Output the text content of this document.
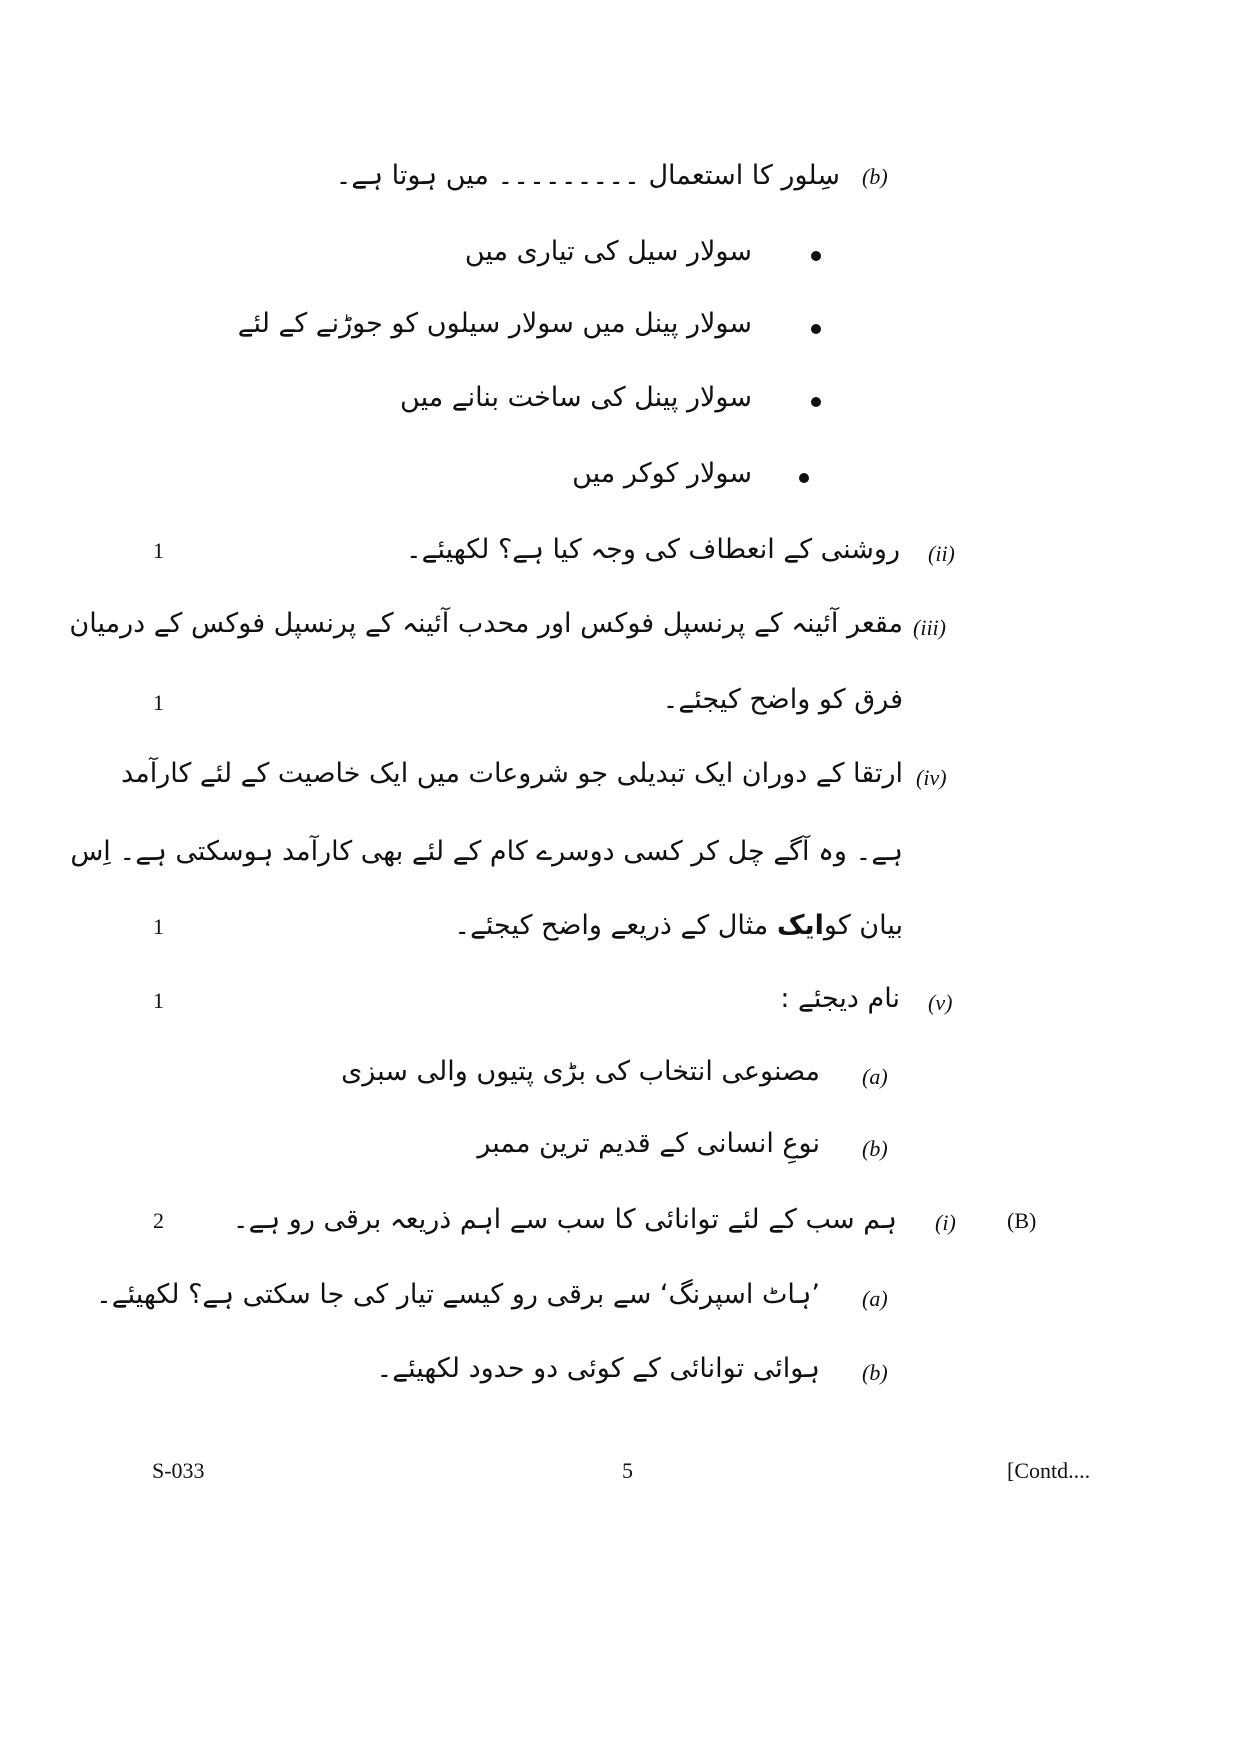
(b)
سِلور کا استعمال ۔۔۔۔۔۔۔۔۔ میں ہوتا ہے۔
سولار سیل کی تیاری میں
سولار پینل میں سولار سیلوں کو جوڑنے کے لئے
سولار پینل کی ساخت بنانے میں
سولار کوکر میں
1	(ii)
روشنی کے انعطاف کی وجہ کیا ہے؟ لکھیئے۔
(iii)
مقعر آئینہ کے پرنسپل فوکس اور محدب آئینہ کے پرنسپل فوکس کے درمیان
1	فرق کو واضح کیجئے۔
(iv)
ارتقا کے دوران ایک تبدیلی جو شروعات میں ایک خاصیت کے لئے کارآمد
ہے۔ وہ آگے چل کر کسی دوسرے کام کے لئے بھی کارآمد ہوسکتی ہے۔ اِس
1	بیان کوایک مثال کے ذریعے واضح کیجئے۔
1	(v)
نام دیجئے :
(a)
مصنوعی انتخاب کی بڑی پتیوں والی سبزی
(b)
نوعِ انسانی کے قدیم ترین ممبر
2	(B)
(i)
ہم سب کے لئے توانائی کا سب سے اہم ذریعہ برقی رو ہے۔
(a)
’ہاٹ اسپرنگ‘ سے برقی رو کیسے تیار کی جا سکتی ہے؟ لکھیئے۔
(b)
ہوائی توانائی کے کوئی دو حدود لکھیئے۔
S-033	5	[Contd....
